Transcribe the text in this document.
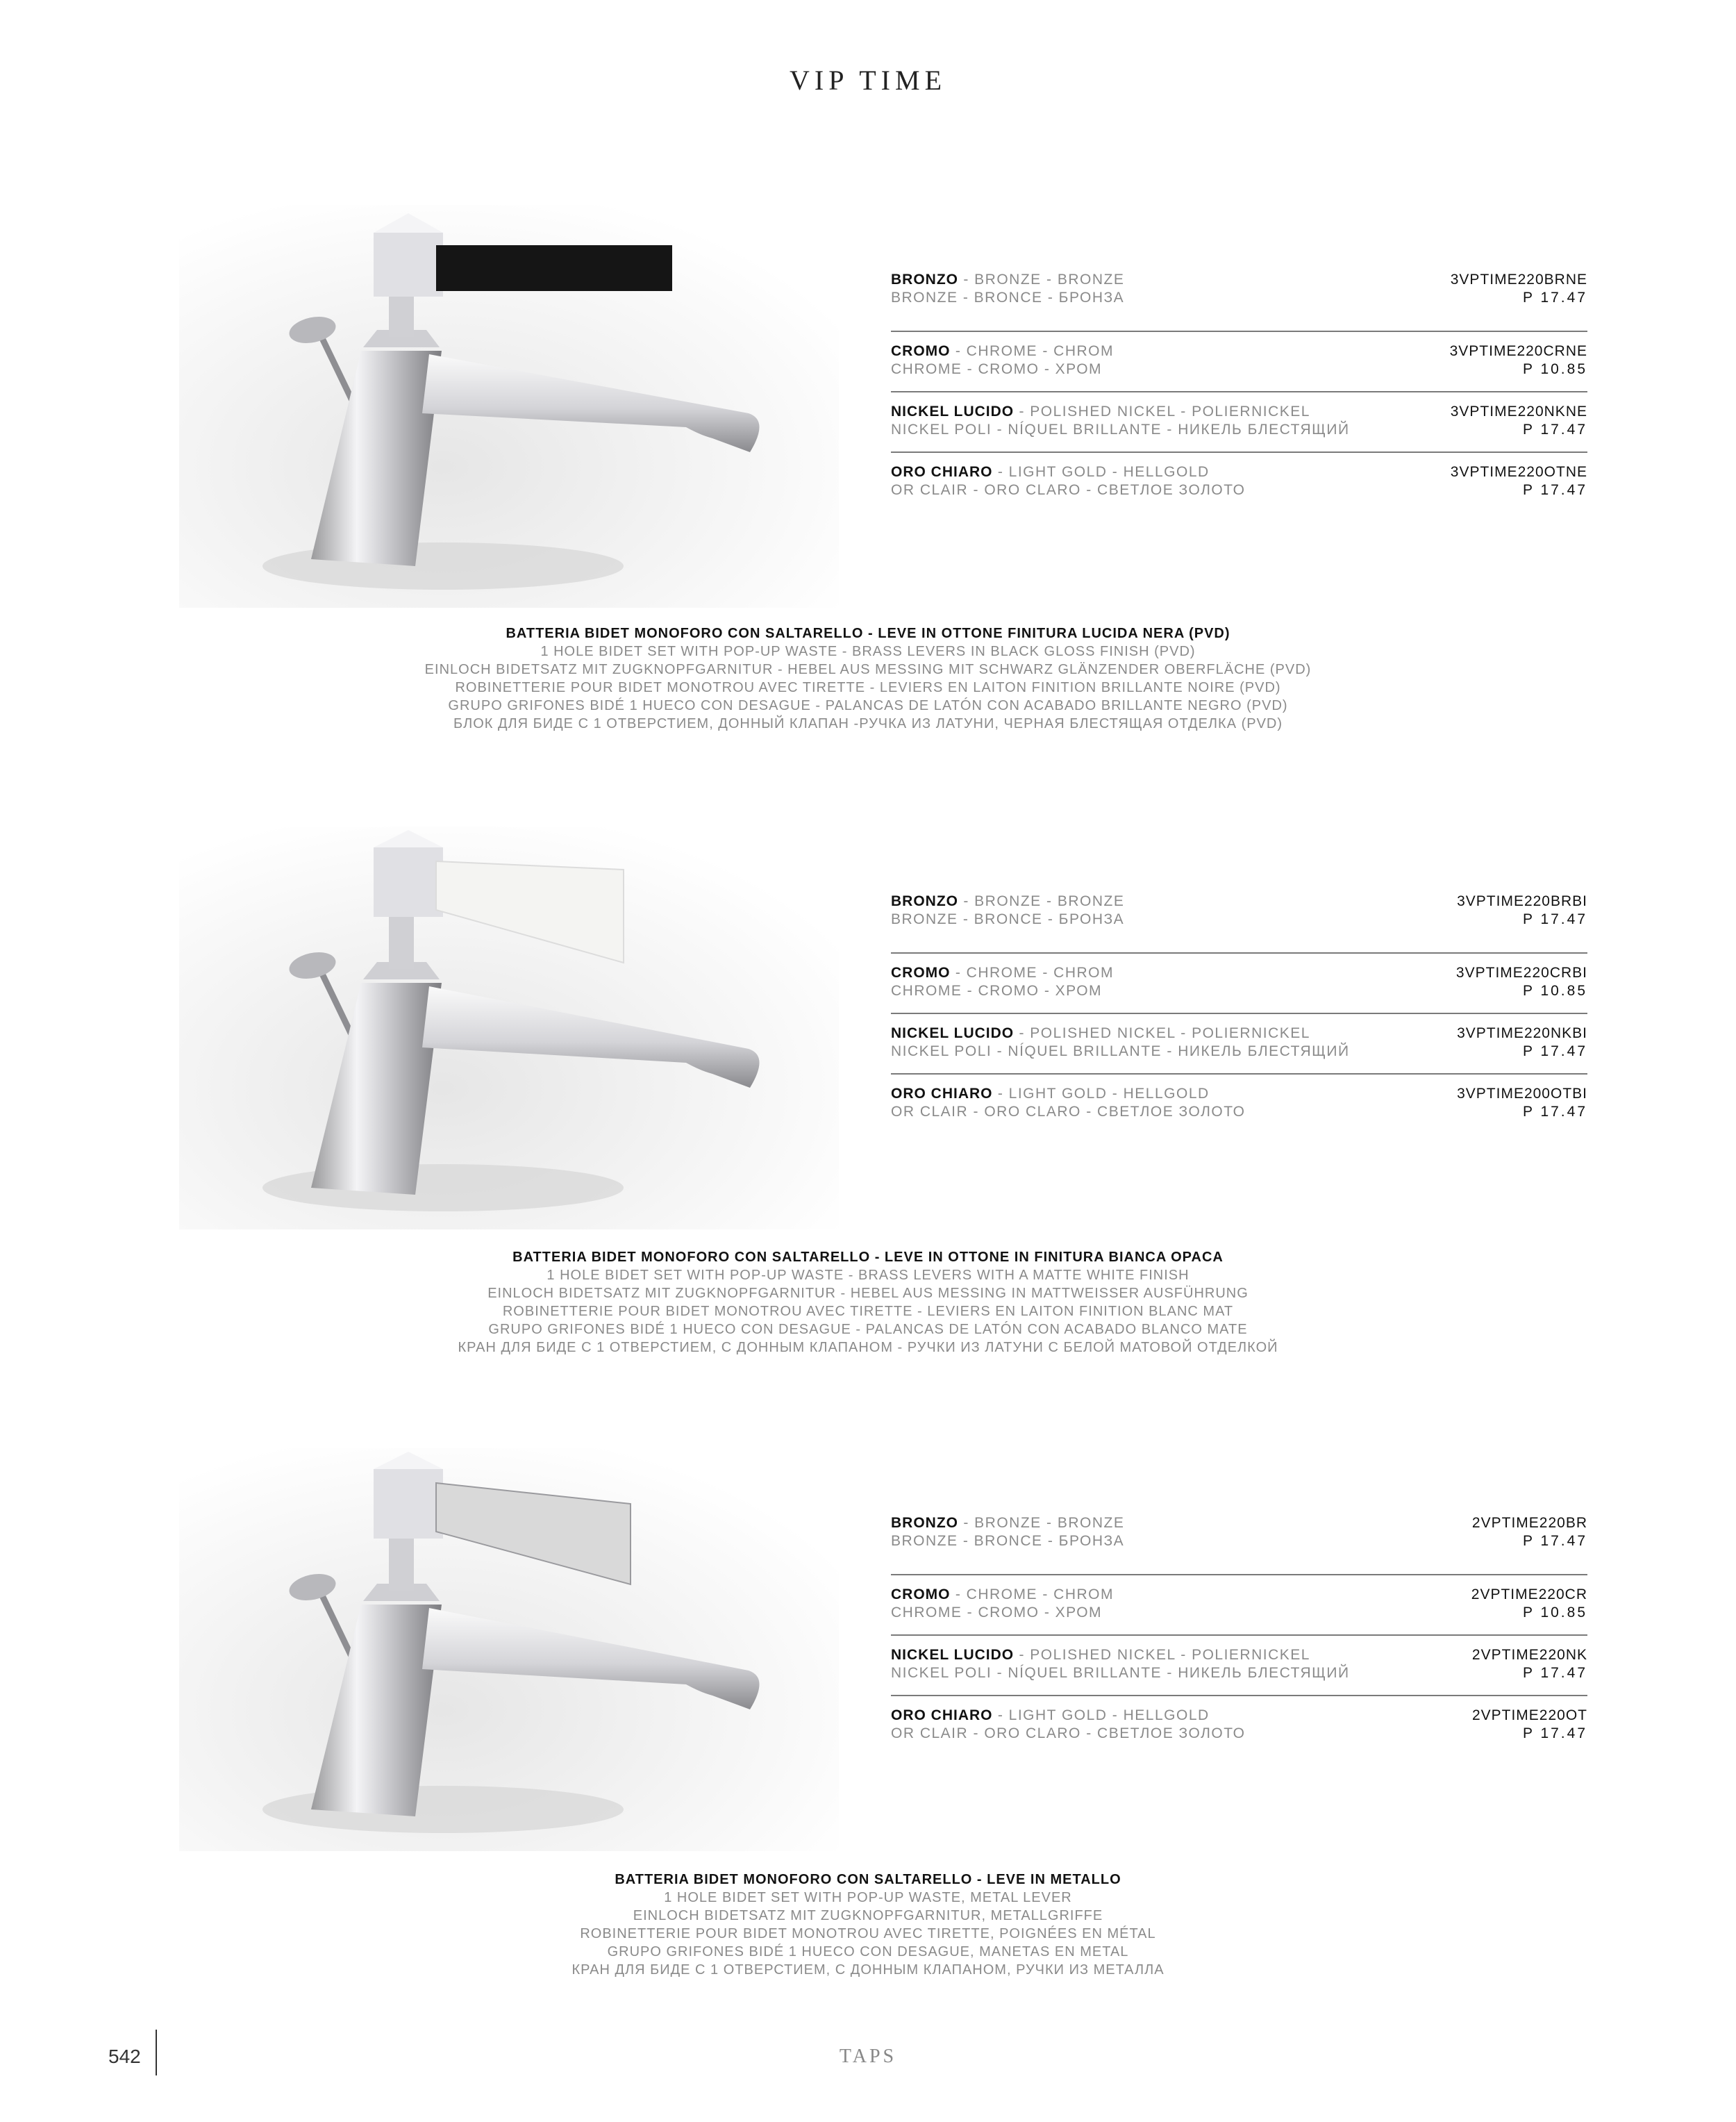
VIP TIME
BRONZO - BRONZE - BRONZE
BRONZE - BRONCE - БРОНЗА
3VPTIME220BRNE
P 17.47
CROMO - CHROME - CHROM
CHROME - CROMO - ХРОМ
3VPTIME220CRNE
P 10.85
NICKEL LUCIDO - POLISHED NICKEL - POLIERNICKEL
NICKEL POLI - NÍQUEL BRILLANTE - НИКЕЛЬ БЛЕСТЯЩИЙ
3VPTIME220NKNE
P 17.47
ORO CHIARO - LIGHT GOLD - HELLGOLD
OR CLAIR - ORO CLARO - СВЕТЛОЕ ЗОЛОТО
3VPTIME220OTNE
P 17.47
BATTERIA BIDET MONOFORO CON SALTARELLO - LEVE IN OTTONE FINITURA LUCIDA NERA (PVD)
1 HOLE BIDET SET WITH POP-UP WASTE - BRASS LEVERS IN BLACK GLOSS FINISH (PVD)
EINLOCH BIDETSATZ MIT ZUGKNOPFGARNITUR - HEBEL AUS MESSING MIT SCHWARZ GLÄNZENDER OBERFLÄCHE (PVD)
ROBINETTERIE POUR BIDET MONOTROU AVEC TIRETTE - LEVIERS EN LAITON FINITION BRILLANTE NOIRE (PVD)
GRUPO GRIFONES BIDÉ 1 HUECO CON DESAGUE - PALANCAS DE LATÓN CON ACABADO BRILLANTE NEGRO (PVD)
БЛОК ДЛЯ БИДЕ С 1 ОТВЕРСТИЕМ, ДОННЫЙ КЛАПАН -РУЧКА ИЗ ЛАТУНИ, ЧЕРНАЯ БЛЕСТЯЩАЯ ОТДЕЛКА (PVD)
BRONZO - BRONZE - BRONZE
BRONZE - BRONCE - БРОНЗА
3VPTIME220BRBI
P 17.47
CROMO - CHROME - CHROM
CHROME - CROMO - ХРОМ
3VPTIME220CRBI
P 10.85
NICKEL LUCIDO - POLISHED NICKEL - POLIERNICKEL
NICKEL POLI - NÍQUEL BRILLANTE - НИКЕЛЬ БЛЕСТЯЩИЙ
3VPTIME220NKBI
P 17.47
ORO CHIARO - LIGHT GOLD - HELLGOLD
OR CLAIR - ORO CLARO - СВЕТЛОЕ ЗОЛОТО
3VPTIME200OTBI
P 17.47
BATTERIA BIDET MONOFORO CON SALTARELLO - LEVE IN OTTONE IN FINITURA BIANCA OPACA
1 HOLE BIDET SET WITH POP-UP WASTE - BRASS LEVERS WITH A MATTE WHITE FINISH
EINLOCH BIDETSATZ MIT ZUGKNOPFGARNITUR - HEBEL AUS MESSING IN MATTWEISSER AUSFÜHRUNG
ROBINETTERIE POUR BIDET MONOTROU AVEC TIRETTE - LEVIERS EN LAITON FINITION BLANC MAT
GRUPO GRIFONES BIDÉ 1 HUECO CON DESAGUE - PALANCAS DE LATÓN CON ACABADO BLANCO MATE
КРАН ДЛЯ БИДЕ С 1 ОТВЕРСТИЕМ, С ДОННЫМ КЛАПАНОМ - РУЧКИ ИЗ ЛАТУНИ С БЕЛОЙ МАТОВОЙ ОТДЕЛКОЙ
BRONZO - BRONZE - BRONZE
BRONZE - BRONCE - БРОНЗА
2VPTIME220BR
P 17.47
CROMO - CHROME - CHROM
CHROME - CROMO - ХРОМ
2VPTIME220CR
P 10.85
NICKEL LUCIDO - POLISHED NICKEL - POLIERNICKEL
NICKEL POLI - NÍQUEL BRILLANTE - НИКЕЛЬ БЛЕСТЯЩИЙ
2VPTIME220NK
P 17.47
ORO CHIARO - LIGHT GOLD - HELLGOLD
OR CLAIR - ORO CLARO - СВЕТЛОЕ ЗОЛОТО
2VPTIME220OT
P 17.47
BATTERIA BIDET MONOFORO CON SALTARELLO - LEVE IN METALLO
1 HOLE BIDET SET WITH POP-UP WASTE, METAL LEVER
EINLOCH BIDETSATZ MIT ZUGKNOPFGARNITUR, METALLGRIFFE
ROBINETTERIE POUR BIDET MONOTROU AVEC TIRETTE, POIGNÉES EN MÉTAL
GRUPO GRIFONES BIDÉ 1 HUECO CON DESAGUE, MANETAS EN METAL
КРАН ДЛЯ БИДЕ С 1 ОТВЕРСТИЕМ, С ДОННЫМ КЛАПАНОМ, РУЧКИ ИЗ МЕТАЛЛА
542	TAPS
